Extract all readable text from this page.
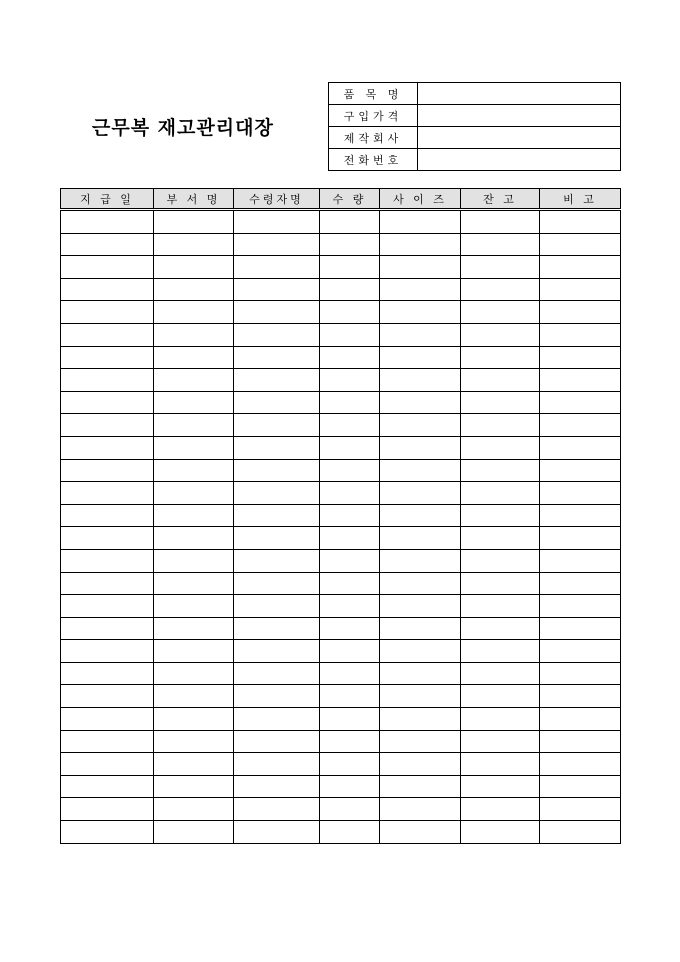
근무복 재고관리대장
품 목 명	
구입가격	
제작회사	
전화번호	
지 급 일	부 서 명	수령자명	수 량	사 이 즈	잔 고	비 고
